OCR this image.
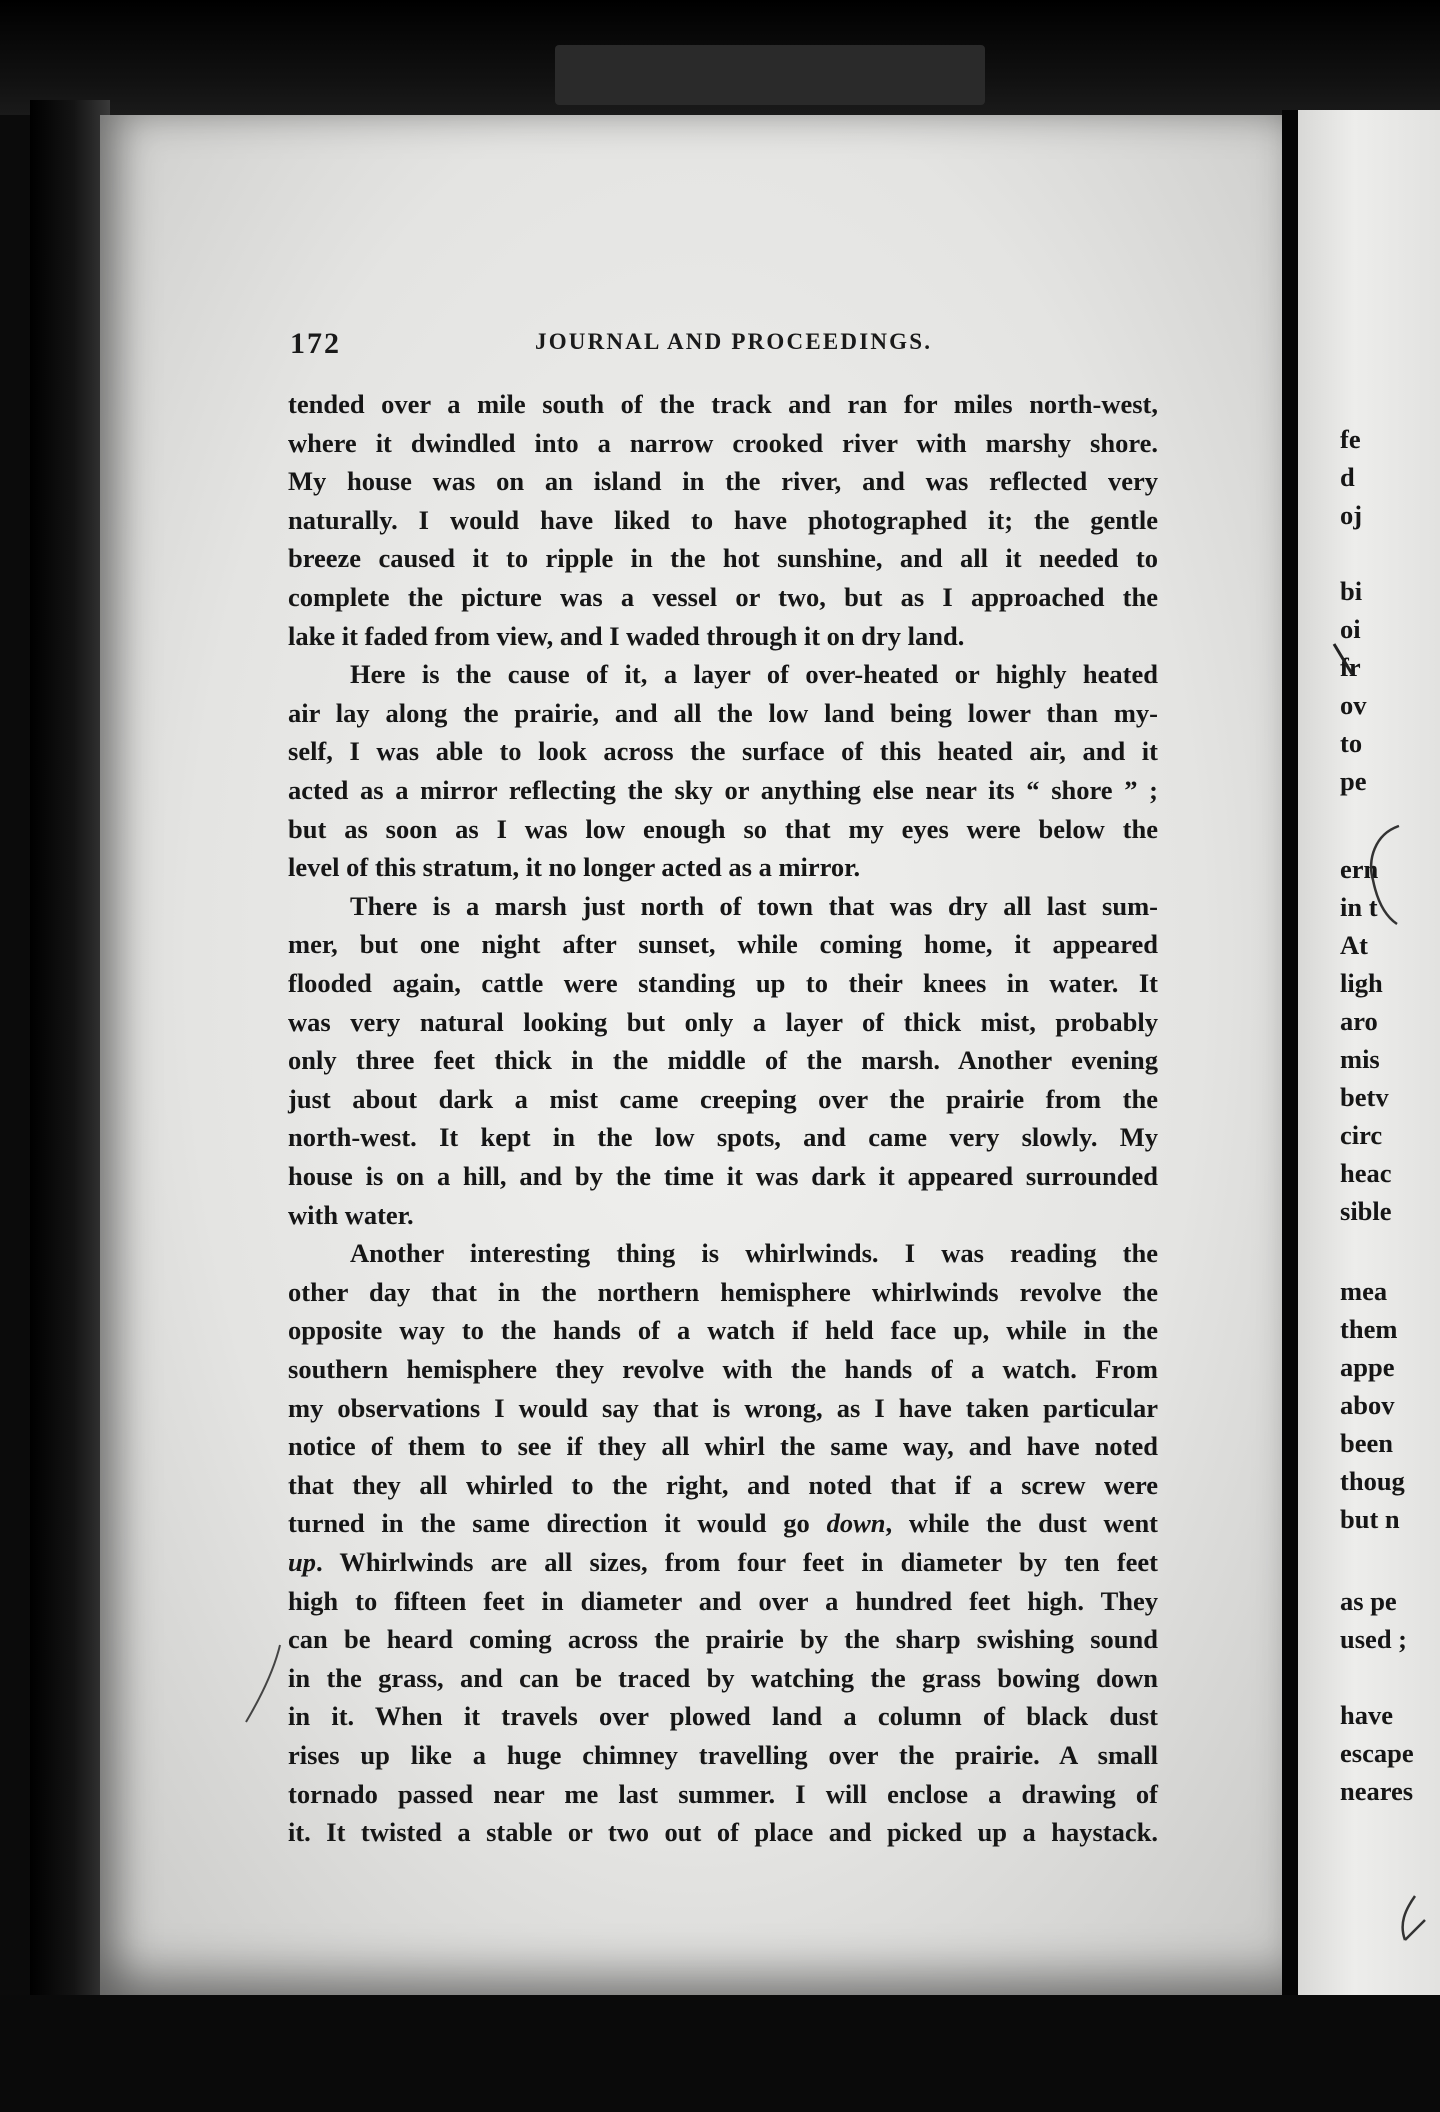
172	JOURNAL AND PROCEEDINGS.
tended over a mile south of the track and ran for miles north-west,
where it dwindled into a narrow crooked river with marshy shore.
My house was on an island in the river, and was reflected very
naturally. I would have liked to have photographed it; the gentle
breeze caused it to ripple in the hot sunshine, and all it needed to
complete the picture was a vessel or two, but as I approached the
lake it faded from view, and I waded through it on dry land.
Here is the cause of it, a layer of over-heated or highly heated
air lay along the prairie, and all the low land being lower than my-
self, I was able to look across the surface of this heated air, and it
acted as a mirror reflecting the sky or anything else near its “ shore ” ;
but as soon as I was low enough so that my eyes were below the
level of this stratum, it no longer acted as a mirror.
There is a marsh just north of town that was dry all last sum-
mer, but one night after sunset, while coming home, it appeared
flooded again, cattle were standing up to their knees in water. It
was very natural looking but only a layer of thick mist, probably
only three feet thick in the middle of the marsh. Another evening
just about dark a mist came creeping over the prairie from the
north-west. It kept in the low spots, and came very slowly. My
house is on a hill, and by the time it was dark it appeared surrounded
with water.
Another interesting thing is whirlwinds. I was reading the
other day that in the northern hemisphere whirlwinds revolve the
opposite way to the hands of a watch if held face up, while in the
southern hemisphere they revolve with the hands of a watch. From
my observations I would say that is wrong, as I have taken particular
notice of them to see if they all whirl the same way, and have noted
that they all whirled to the right, and noted that if a screw were
turned in the same direction it would go down, while the dust went
up. Whirlwinds are all sizes, from four feet in diameter by ten feet
high to fifteen feet in diameter and over a hundred feet high. They
can be heard coming across the prairie by the sharp swishing sound
in the grass, and can be traced by watching the grass bowing down
in it. When it travels over plowed land a column of black dust
rises up like a huge chimney travelling over the prairie. A small
tornado passed near me last summer. I will enclose a drawing of
it. It twisted a stable or two out of place and picked up a haystack.
fe
d
oj
bi
oi
fr
ov
to
pe
ern
in t
At
ligh
aro
mis
betv
circ
heac
sible
mea
them
appe
abov
been
thoug
but n
as pe
used ;
have
escape
neares
